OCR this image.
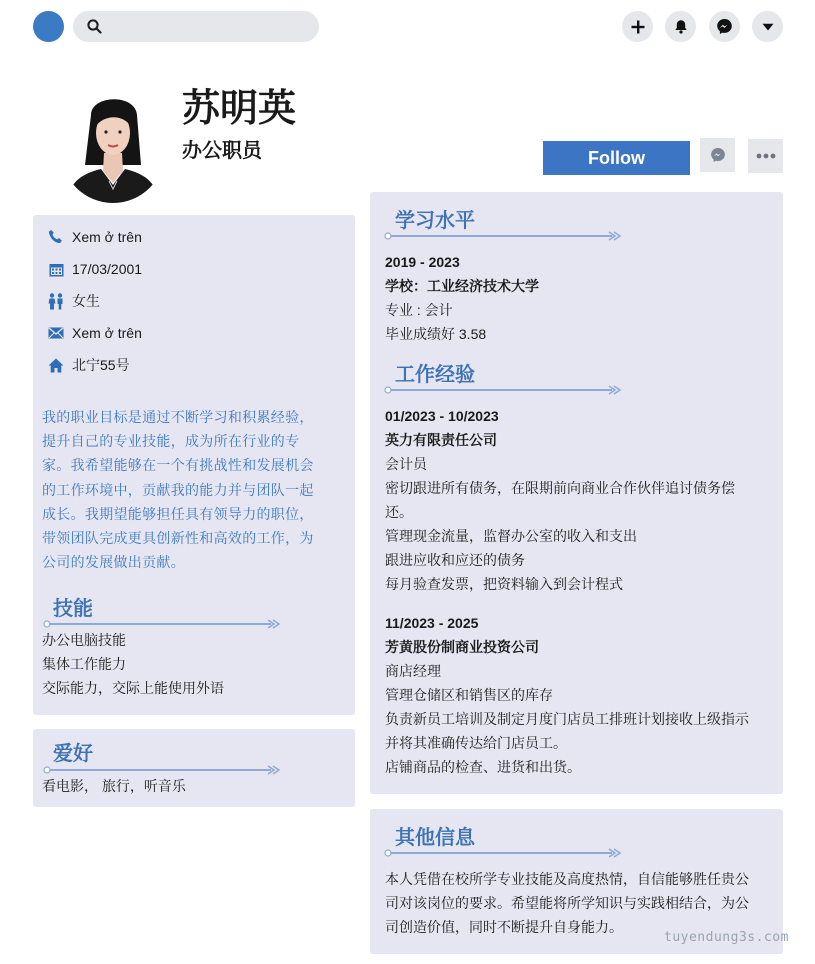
苏明英
办公职员	Follow
Xem ở trên
17/03/2001
女生
Xem ở trên
北宁55号
我的职业目标是通过不断学习和积累经验，提升自己的专业技能，成为所在行业的专家。我希望能够在一个有挑战性和发展机会的工作环境中，贡献我的能力并与团队一起成长。我期望能够担任具有领导力的职位，带领团队完成更具创新性和高效的工作，为公司的发展做出贡献。
技能
办公电脑技能
集体工作能力
交际能力，交际上能使用外语
爱好
看电影， 旅行，听音乐
学习水平
2019 - 2023
学校：工业经济技术大学
专业 : 会计
毕业成绩好 3.58
工作经验
01/2023 - 10/2023
英力有限责任公司
会计员
密切跟进所有债务，在限期前向商业合作伙伴追讨债务偿
还。
管理现金流量，监督办公室的收入和支出
跟进应收和应还的债务
每月验查发票，把资料输入到会计程式
11/2023 - 2025
芳黄股份制商业投资公司
商店经理
管理仓储区和销售区的库存
负责新员工培训及制定月度门店员工排班计划接收上级指示
并将其准确传达给门店员工。
店铺商品的检查、进货和出货。
其他信息
本人凭借在校所学专业技能及高度热情，自信能够胜任贵公
司对该岗位的要求。希望能将所学知识与实践相结合，为公
司创造价值，同时不断提升自身能力。
tuyendung3s.com
